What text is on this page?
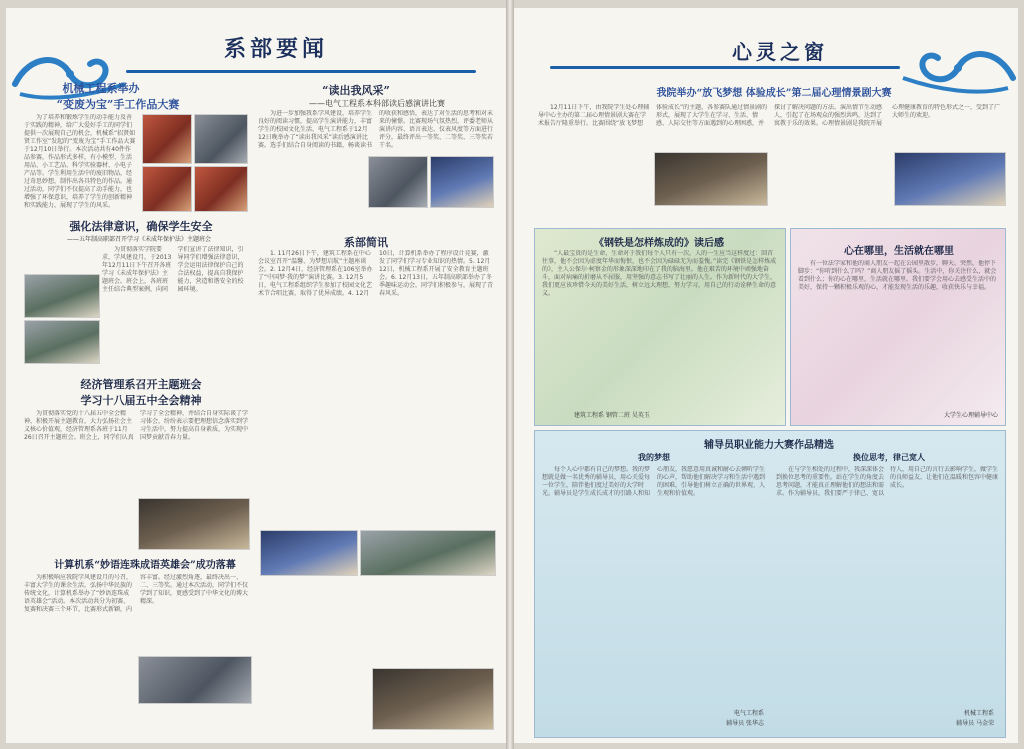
系部要闻
机械工程系举办
“变废为宝”手工作品大赛

为了培养和锻炼学生的动手能力及善于实践的精神，给广大爱好手工的同学们提供一次展现自己的机会，机械系“招贤如贤工作室”发起的“变废为宝”手工作品大赛于12月10日举行。本次活动共有40件作品参赛，作品形式多样，有小模型、生活用品、小工艺品、科学实验器材、小电子产品等。学生利用生活中的废旧物品，经过奇思妙想，制作出各具特色的作品。通过活动，同学们不仅提高了动手能力，也增强了环保意识，培养了学生的创新精神和实践能力，展现了学生的风采。

“读出我风采”
——电气工程系本科部读后感演讲比赛

为进一步加强我系学风建设，培养学生良好的阅读习惯，提高学生演讲能力，丰富学生的校园文化生活，电气工程系于12月12日晚举办了“读出我风采”读后感演讲比赛。选手们结合自身阅读的书籍，畅谈读书的收获和感悟，表达了对生活的思考和对未来的憧憬。比赛现场气氛热烈，评委老师从演讲内容、语言表达、仪表风度等方面进行评分，最终评出一等奖、二等奖、三等奖若干名。

强化法律意识，确保学生安全
——五年制高职部召开学习《未成年保护法》主题班会

为贯彻落实学院要求，学风建设月，于2013年12月11日下午召开各班学习《未成年保护法》主题班会。班会上，各班班主任结合典型案例，向同学们宣讲了法律知识，引导同学们增强法律意识，学会运用法律保护自己的合法权益，提高自我保护能力，营造和谐安全的校园环境。

系部简讯

1. 11月26日下午，建筑工程系在中心会议室召开“温馨、为梦想启航”主题座谈会。2. 12月4日，经济管理系在106室举办了“中国梦·我的梦”演讲比赛。3. 12月5日，电气工程系组织学生参加了校园文化艺术节合唱比赛，取得了优异成绩。4. 12月10日，计算机系举办了程序设计竞赛，激发了同学们学习专业知识的热情。5. 12月12日，机械工程系开展了安全教育主题班会。6. 12月13日，五年制高职部举办了冬季趣味运动会，同学们积极参与，展现了青春风采。

经济管理系召开主题班会
学习十八届五中全会精神

为贯彻落实党的十八届五中全会精神，积极开展主题教育，大力弘扬社会主义核心价值观，经济管理系各班于11月26日召开主题班会。班会上，同学们认真学习了全会精神，并结合自身实际谈了学习体会，纷纷表示要把理想信念落实到学习生活中，努力提高自身素质，为实现中国梦贡献青春力量。

计算机系“妙语连珠成语英雄会”成功落幕

为积极响应我院学风建设月的号召，丰富大学生的课余生活，弘扬中华民族的传统文化，计算机系举办了“妙语连珠成语英雄会”活动。本次活动共分为初赛、复赛和决赛三个环节，比赛形式新颖，内容丰富。经过激烈角逐，最终决出一、二、三等奖。通过本次活动，同学们不仅学到了知识，更感受到了中华文化的博大精深。

心灵之窗
我院举办“放飞梦想 体验成长”第二届心理情景剧大赛

12月11日下午，由我院学生处心理辅导中心主办的第二届心理情景剧大赛在学术报告厅隆重举行。比赛围绕“放飞梦想 体验成长”的主题，各参赛队通过情景剧的形式，展现了大学生在学习、生活、情感、人际交往等方面遇到的心理困惑，并探讨了解决问题的方法。演出情节生动感人，引起了在场观众的强烈共鸣，达到了寓教于乐的效果。心理情景剧是我院开展心理健康教育的特色形式之一，受到了广大师生的欢迎。

《钢铁是怎样炼成的》读后感

“人最宝贵的是生命，生命对于我们每个人只有一次。人的一生应当这样度过：回首往事，他不会因为虚度年华而悔恨，也不会因为碌碌无为而羞愧。”读完《钢铁是怎样炼成的》，主人公保尔·柯察金的形象深深地印在了我的脑海里。他在艰苦的环境中顽强地奋斗，面对病痛的折磨从不屈服，用坚强的意志书写了壮丽的人生。作为新时代的大学生，我们更应该珍惜今天的美好生活，树立远大理想，努力学习，用自己的行动诠释生命的意义。

建筑工程系 钢管二班 吴英玉
心在哪里，生活就在哪里

有一位法学家和他的商人朋友一起在公园里散步，聊天。突然，他停下脚步：“你听到什么了吗？”商人朋友摇了摇头。生活中，你关注什么，就会看到什么；你的心在哪里，生活就在哪里。我们要学会用心去感受生活中的美好，保持一颗积极乐观的心，才能发现生活的乐趣，收获快乐与幸福。

大学生心理辅导中心
辅导员职业能力大赛作品精选
我的梦想

每个人心中都有自己的梦想。我的梦想就是做一名优秀的辅导员，用心关爱每一位学生，陪伴他们度过美好的大学时光。辅导员是学生成长成才的引路人和知心朋友，我愿意用真诚和耐心去倾听学生的心声，帮助他们解决学习和生活中遇到的困难，引导他们树立正确的世界观、人生观和价值观。

电气工程系
辅导员 张华志
换位思考，律己宽人

在与学生相处的过程中，我深深体会到换位思考的重要性。站在学生的角度去思考问题，才能真正理解他们的想法和需求。作为辅导员，我们要严于律己、宽以待人，用自己的言行去影响学生，做学生的良师益友，让他们在温暖和包容中健康成长。

机械工程系
辅导员 马金荣
